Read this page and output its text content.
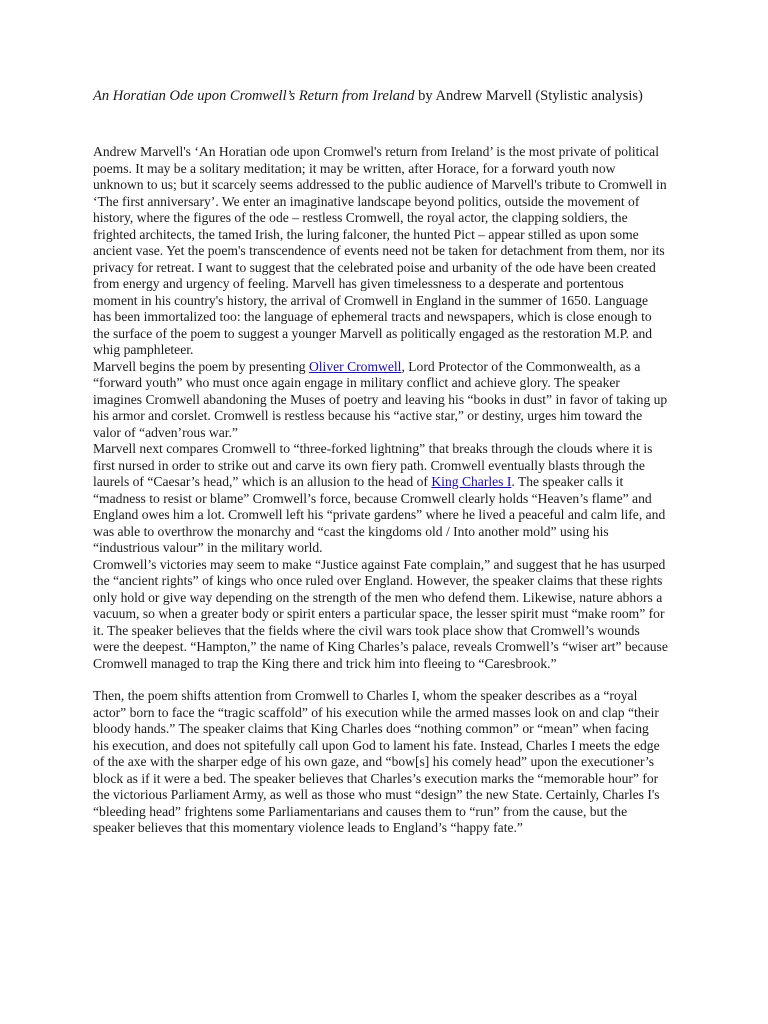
An Horatian Ode upon Cromwell’s Return from Ireland by Andrew Marvell (Stylistic analysis)

Andrew Marvell's ‘An Horatian ode upon Cromwel's return from Ireland’ is the most private of political poems. It may be a solitary meditation; it may be written, after Horace, for a forward youth now unknown to us; but it scarcely seems addressed to the public audience of Marvell's tribute to Cromwell in ‘The first anniversary’. We enter an imaginative landscape beyond politics, outside the movement of history, where the figures of the ode – restless Cromwell, the royal actor, the clapping soldiers, the frighted architects, the tamed Irish, the luring falconer, the hunted Pict – appear stilled as upon some ancient vase. Yet the poem's transcendence of events need not be taken for detachment from them, nor its privacy for retreat. I want to suggest that the celebrated poise and urbanity of the ode have been created from energy and urgency of feeling. Marvell has given timelessness to a desperate and portentous moment in his country's history, the arrival of Cromwell in England in the summer of 1650. Language has been immortalized too: the language of ephemeral tracts and newspapers, which is close enough to the surface of the poem to suggest a younger Marvell as politically engaged as the restoration M.P. and whig pamphleteer.

Marvell begins the poem by presenting Oliver Cromwell, Lord Protector of the Commonwealth, as a “forward youth” who must once again engage in military conflict and achieve glory. The speaker imagines Cromwell abandoning the Muses of poetry and leaving his “books in dust” in favor of taking up his armor and corslet. Cromwell is restless because his “active star,” or destiny, urges him toward the valor of “adven’rous war.”

Marvell next compares Cromwell to “three-forked lightning” that breaks through the clouds where it is first nursed in order to strike out and carve its own fiery path. Cromwell eventually blasts through the laurels of “Caesar’s head,” which is an allusion to the head of King Charles I. The speaker calls it “madness to resist or blame” Cromwell’s force, because Cromwell clearly holds “Heaven’s flame” and England owes him a lot. Cromwell left his “private gardens” where he lived a peaceful and calm life, and was able to overthrow the monarchy and “cast the kingdoms old / Into another mold” using his “industrious valour” in the military world.

Cromwell’s victories may seem to make “Justice against Fate complain,” and suggest that he has usurped the “ancient rights” of kings who once ruled over England. However, the speaker claims that these rights only hold or give way depending on the strength of the men who defend them. Likewise, nature abhors a vacuum, so when a greater body or spirit enters a particular space, the lesser spirit must “make room” for it. The speaker believes that the fields where the civil wars took place show that Cromwell’s wounds were the deepest. “Hampton,” the name of King Charles’s palace, reveals Cromwell’s “wiser art” because Cromwell managed to trap the King there and trick him into fleeing to “Caresbrook.”

Then, the poem shifts attention from Cromwell to Charles I, whom the speaker describes as a “royal actor” born to face the “tragic scaffold” of his execution while the armed masses look on and clap “their bloody hands.” The speaker claims that King Charles does “nothing common” or “mean” when facing his execution, and does not spitefully call upon God to lament his fate. Instead, Charles I meets the edge of the axe with the sharper edge of his own gaze, and “bow[s] his comely head” upon the executioner’s block as if it were a bed. The speaker believes that Charles’s execution marks the “memorable hour” for the victorious Parliament Army, as well as those who must “design” the new State. Certainly, Charles I's “bleeding head” frightens some Parliamentarians and causes them to “run” from the cause, but the speaker believes that this momentary violence leads to England’s “happy fate.”
